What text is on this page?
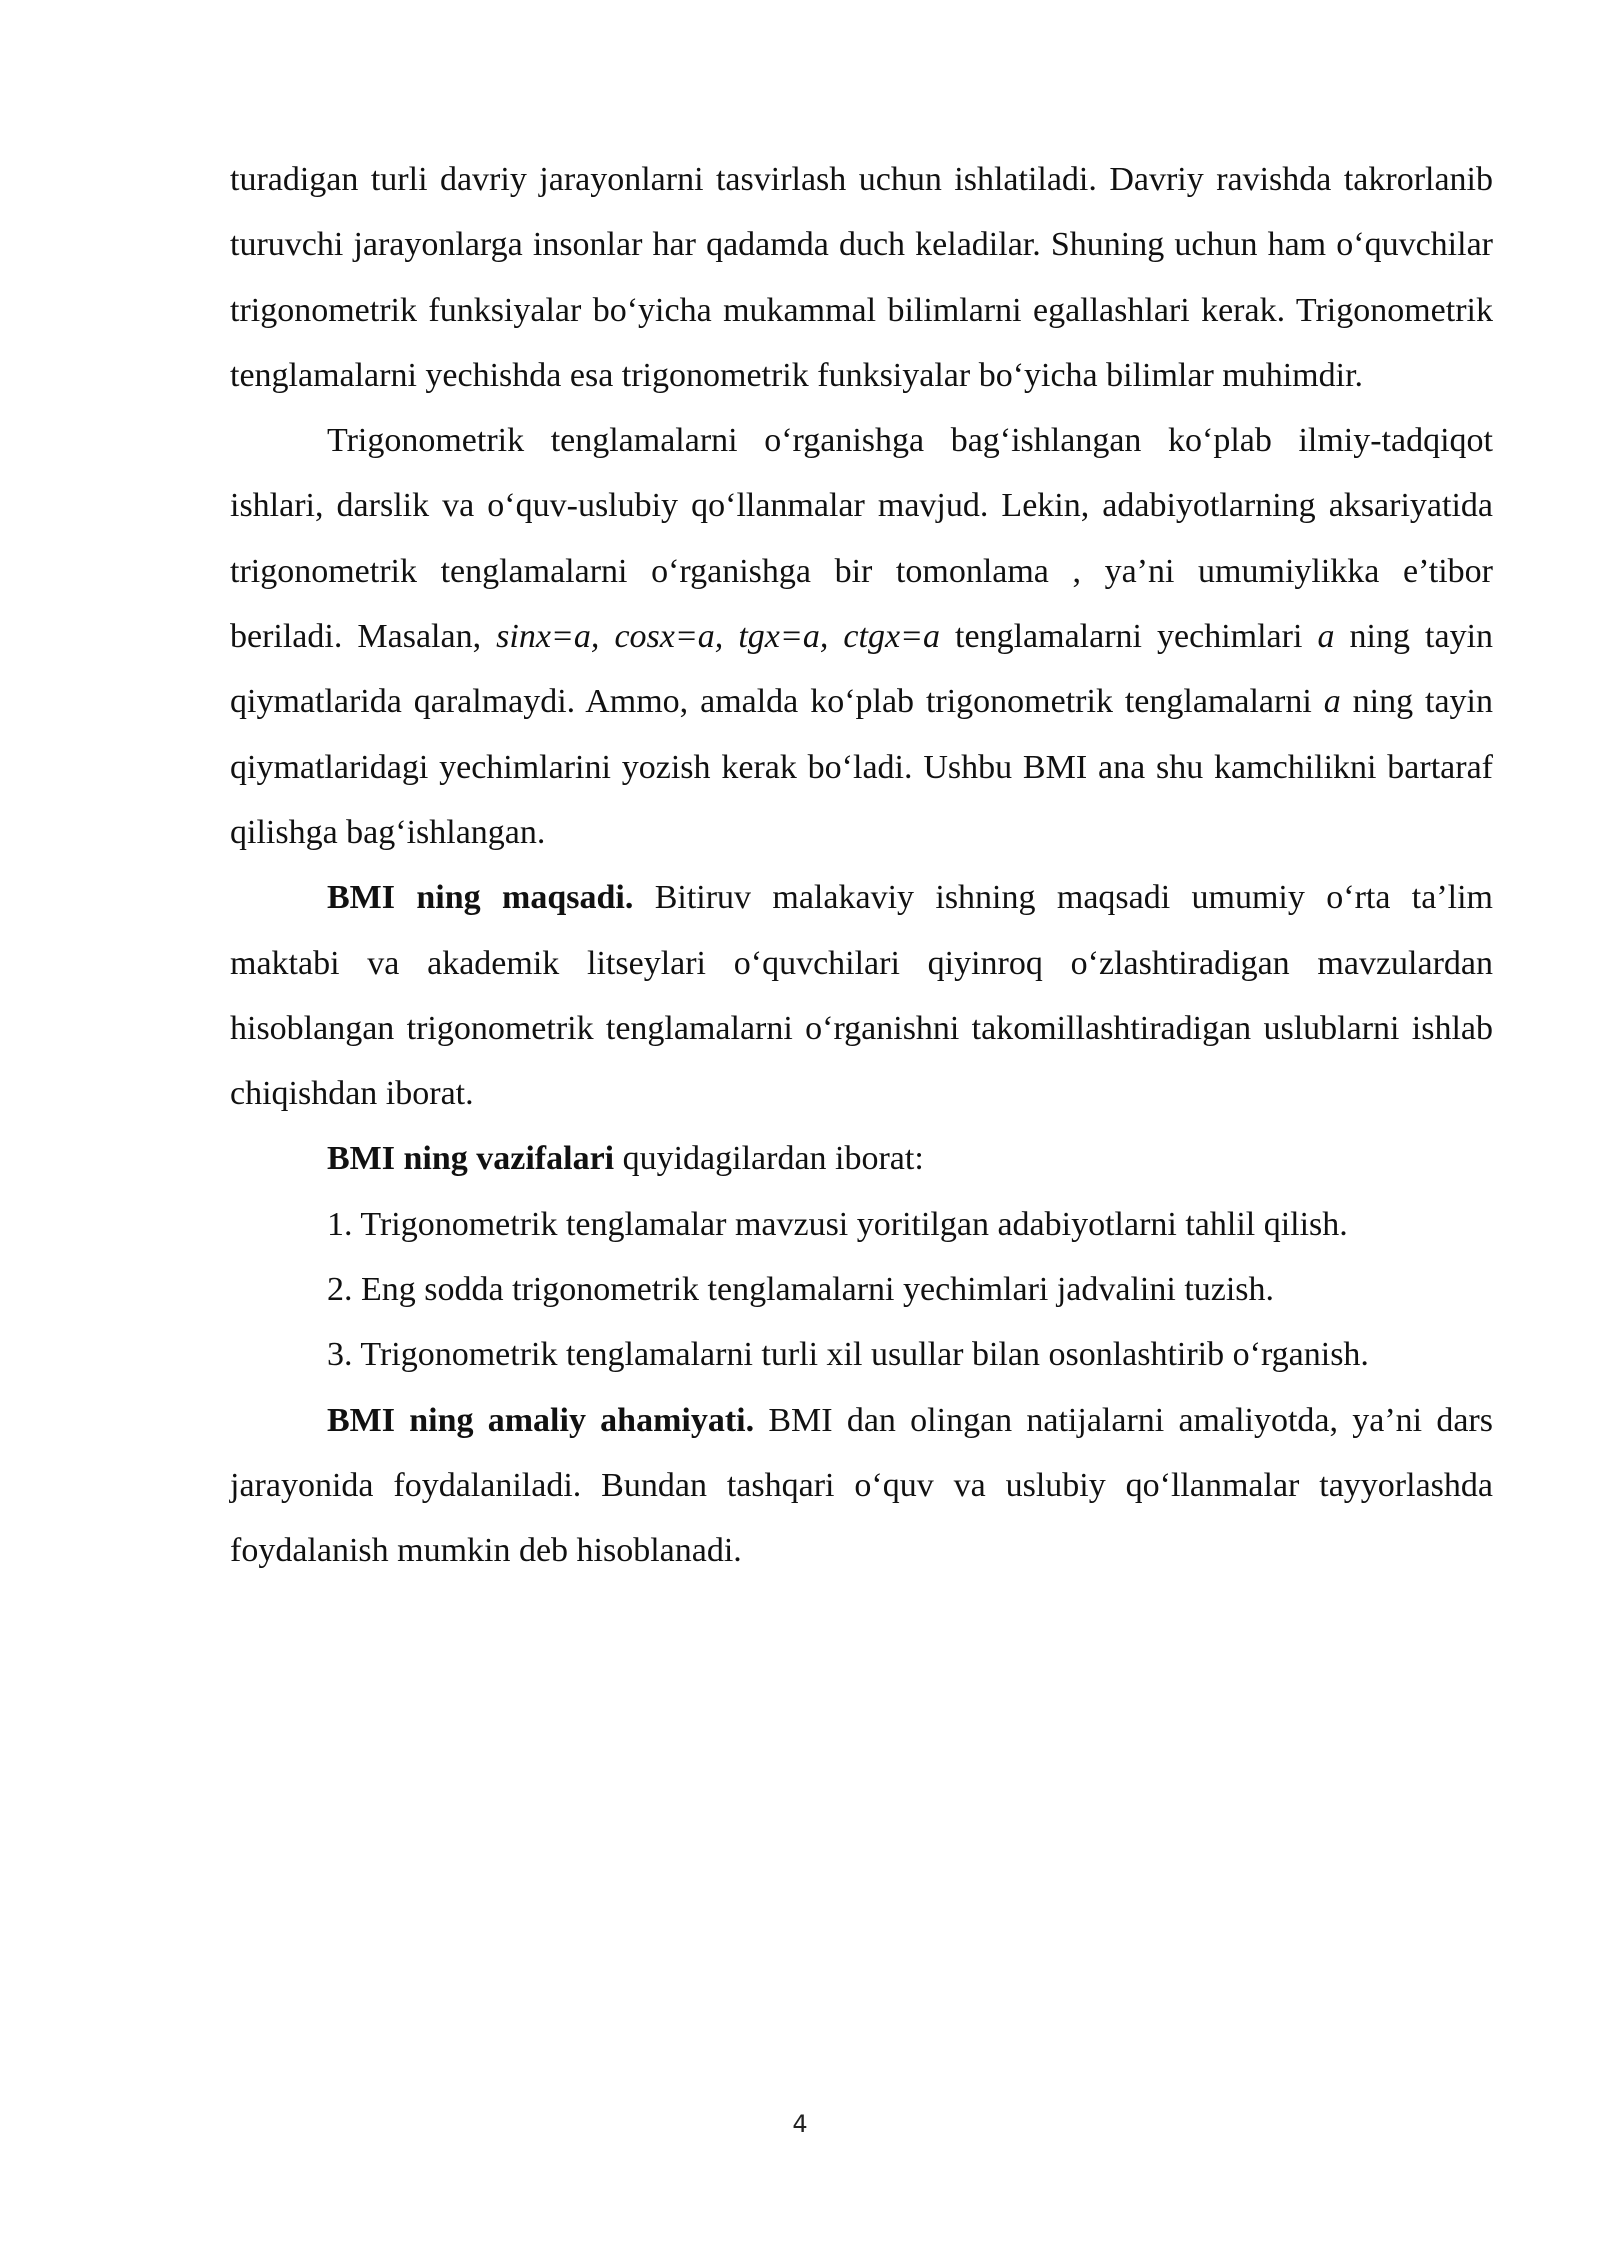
turadigan turli davriy jarayonlarni tasvirlash uchun ishlatiladi. Davriy ravishda takrorlanib turuvchi jarayonlarga insonlar har qadamda duch keladilar. Shuning uchun ham o‘quvchilar trigonometrik funksiyalar bo‘yicha mukammal bilimlarni egallashlari kerak. Trigonometrik tenglamalarni yechishda esa trigonometrik funksiyalar bo‘yicha bilimlar muhimdir.

Trigonometrik tenglamalarni o‘rganishga bag‘ishlangan ko‘plab ilmiy-tadqiqot ishlari, darslik va o‘quv-uslubiy qo‘llanmalar mavjud. Lekin, adabiyotlarning aksariyatida trigonometrik tenglamalarni o‘rganishga bir tomonlama , ya’ni umumiylikka e’tibor beriladi. Masalan, sinx=a, cosx=a, tgx=a, ctgx=a tenglamalarni yechimlari a ning tayin qiymatlarida qaralmaydi. Ammo, amalda ko‘plab trigonometrik tenglamalarni a ning tayin qiymatlaridagi yechimlarini yozish kerak bo‘ladi. Ushbu BMI ana shu kamchilikni bartaraf qilishga bag‘ishlangan.

BMI ning maqsadi. Bitiruv malakaviy ishning maqsadi umumiy o‘rta ta’lim maktabi va akademik litseylari o‘quvchilari qiyinroq o‘zlashtiradigan mavzulardan hisoblangan trigonometrik tenglamalarni o‘rganishni takomillashtiradigan uslublarni ishlab chiqishdan iborat.

BMI ning vazifalari quyidagilardan iborat:

1. Trigonometrik tenglamalar mavzusi yoritilgan adabiyotlarni tahlil qilish.

2. Eng sodda trigonometrik tenglamalarni yechimlari jadvalini tuzish.

3. Trigonometrik tenglamalarni turli xil usullar bilan osonlashtirib o‘rganish.

BMI ning amaliy ahamiyati. BMI dan olingan natijalarni amaliyotda, ya’ni dars jarayonida foydalaniladi. Bundan tashqari o‘quv va uslubiy qo‘llanmalar tayyorlashda foydalanish mumkin deb hisoblanadi.

4
